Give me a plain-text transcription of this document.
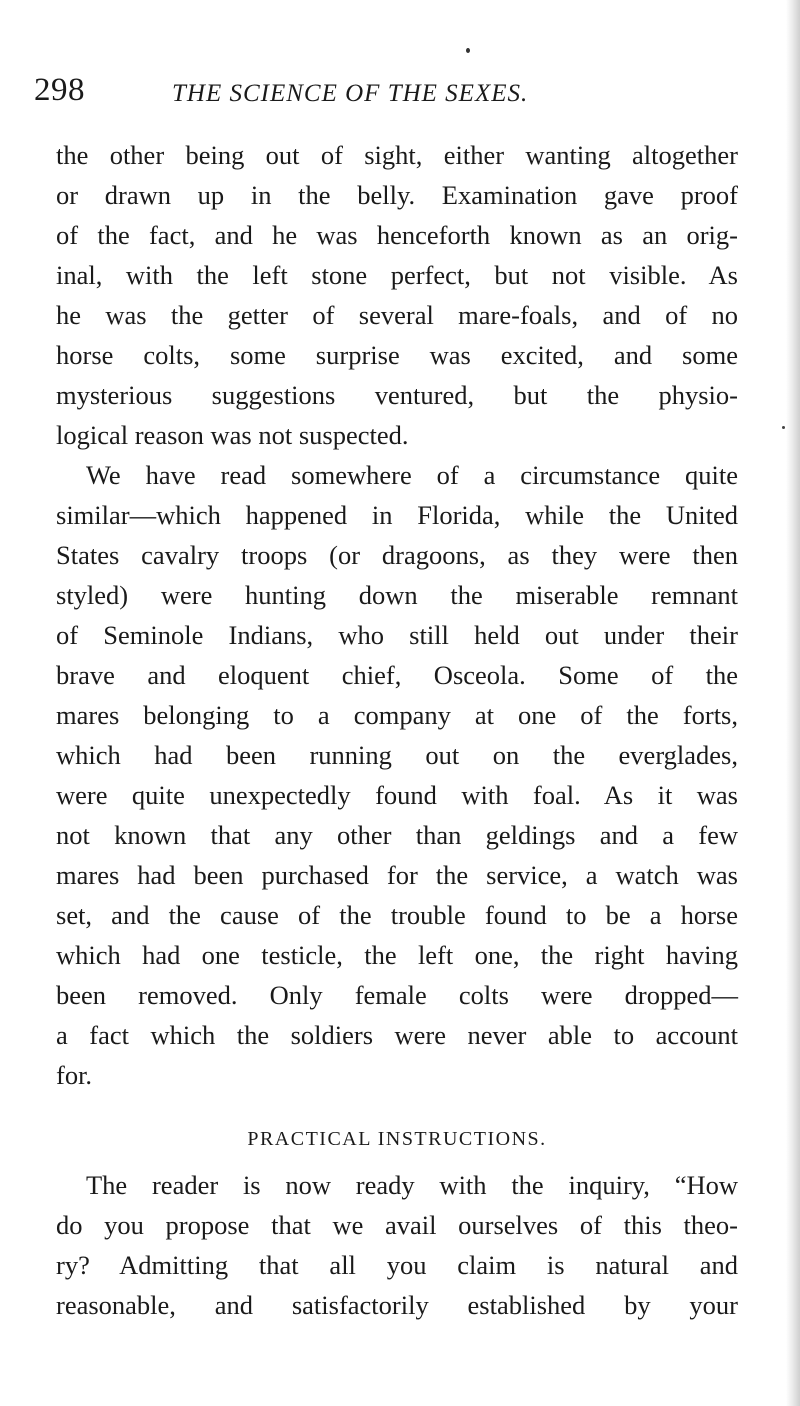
298	THE SCIENCE OF THE SEXES.
the other being out of sight, either wanting altogether
or drawn up in the belly. Examination gave proof
of the fact, and he was henceforth known as an orig-
inal, with the left stone perfect, but not visible. As
he was the getter of several mare-foals, and of no
horse colts, some surprise was excited, and some
mysterious suggestions ventured, but the physio-
logical reason was not suspected.
We have read somewhere of a circumstance quite
similar—which happened in Florida, while the United
States cavalry troops (or dragoons, as they were then
styled) were hunting down the miserable remnant
of Seminole Indians, who still held out under their
brave and eloquent chief, Osceola. Some of the
mares belonging to a company at one of the forts,
which had been running out on the everglades,
were quite unexpectedly found with foal. As it was
not known that any other than geldings and a few
mares had been purchased for the service, a watch was
set, and the cause of the trouble found to be a horse
which had one testicle, the left one, the right having
been removed. Only female colts were dropped—
a fact which the soldiers were never able to account
for.
PRACTICAL INSTRUCTIONS.
The reader is now ready with the inquiry, “How
do you propose that we avail ourselves of this theo-
ry? Admitting that all you claim is natural and
reasonable, and satisfactorily established by your
